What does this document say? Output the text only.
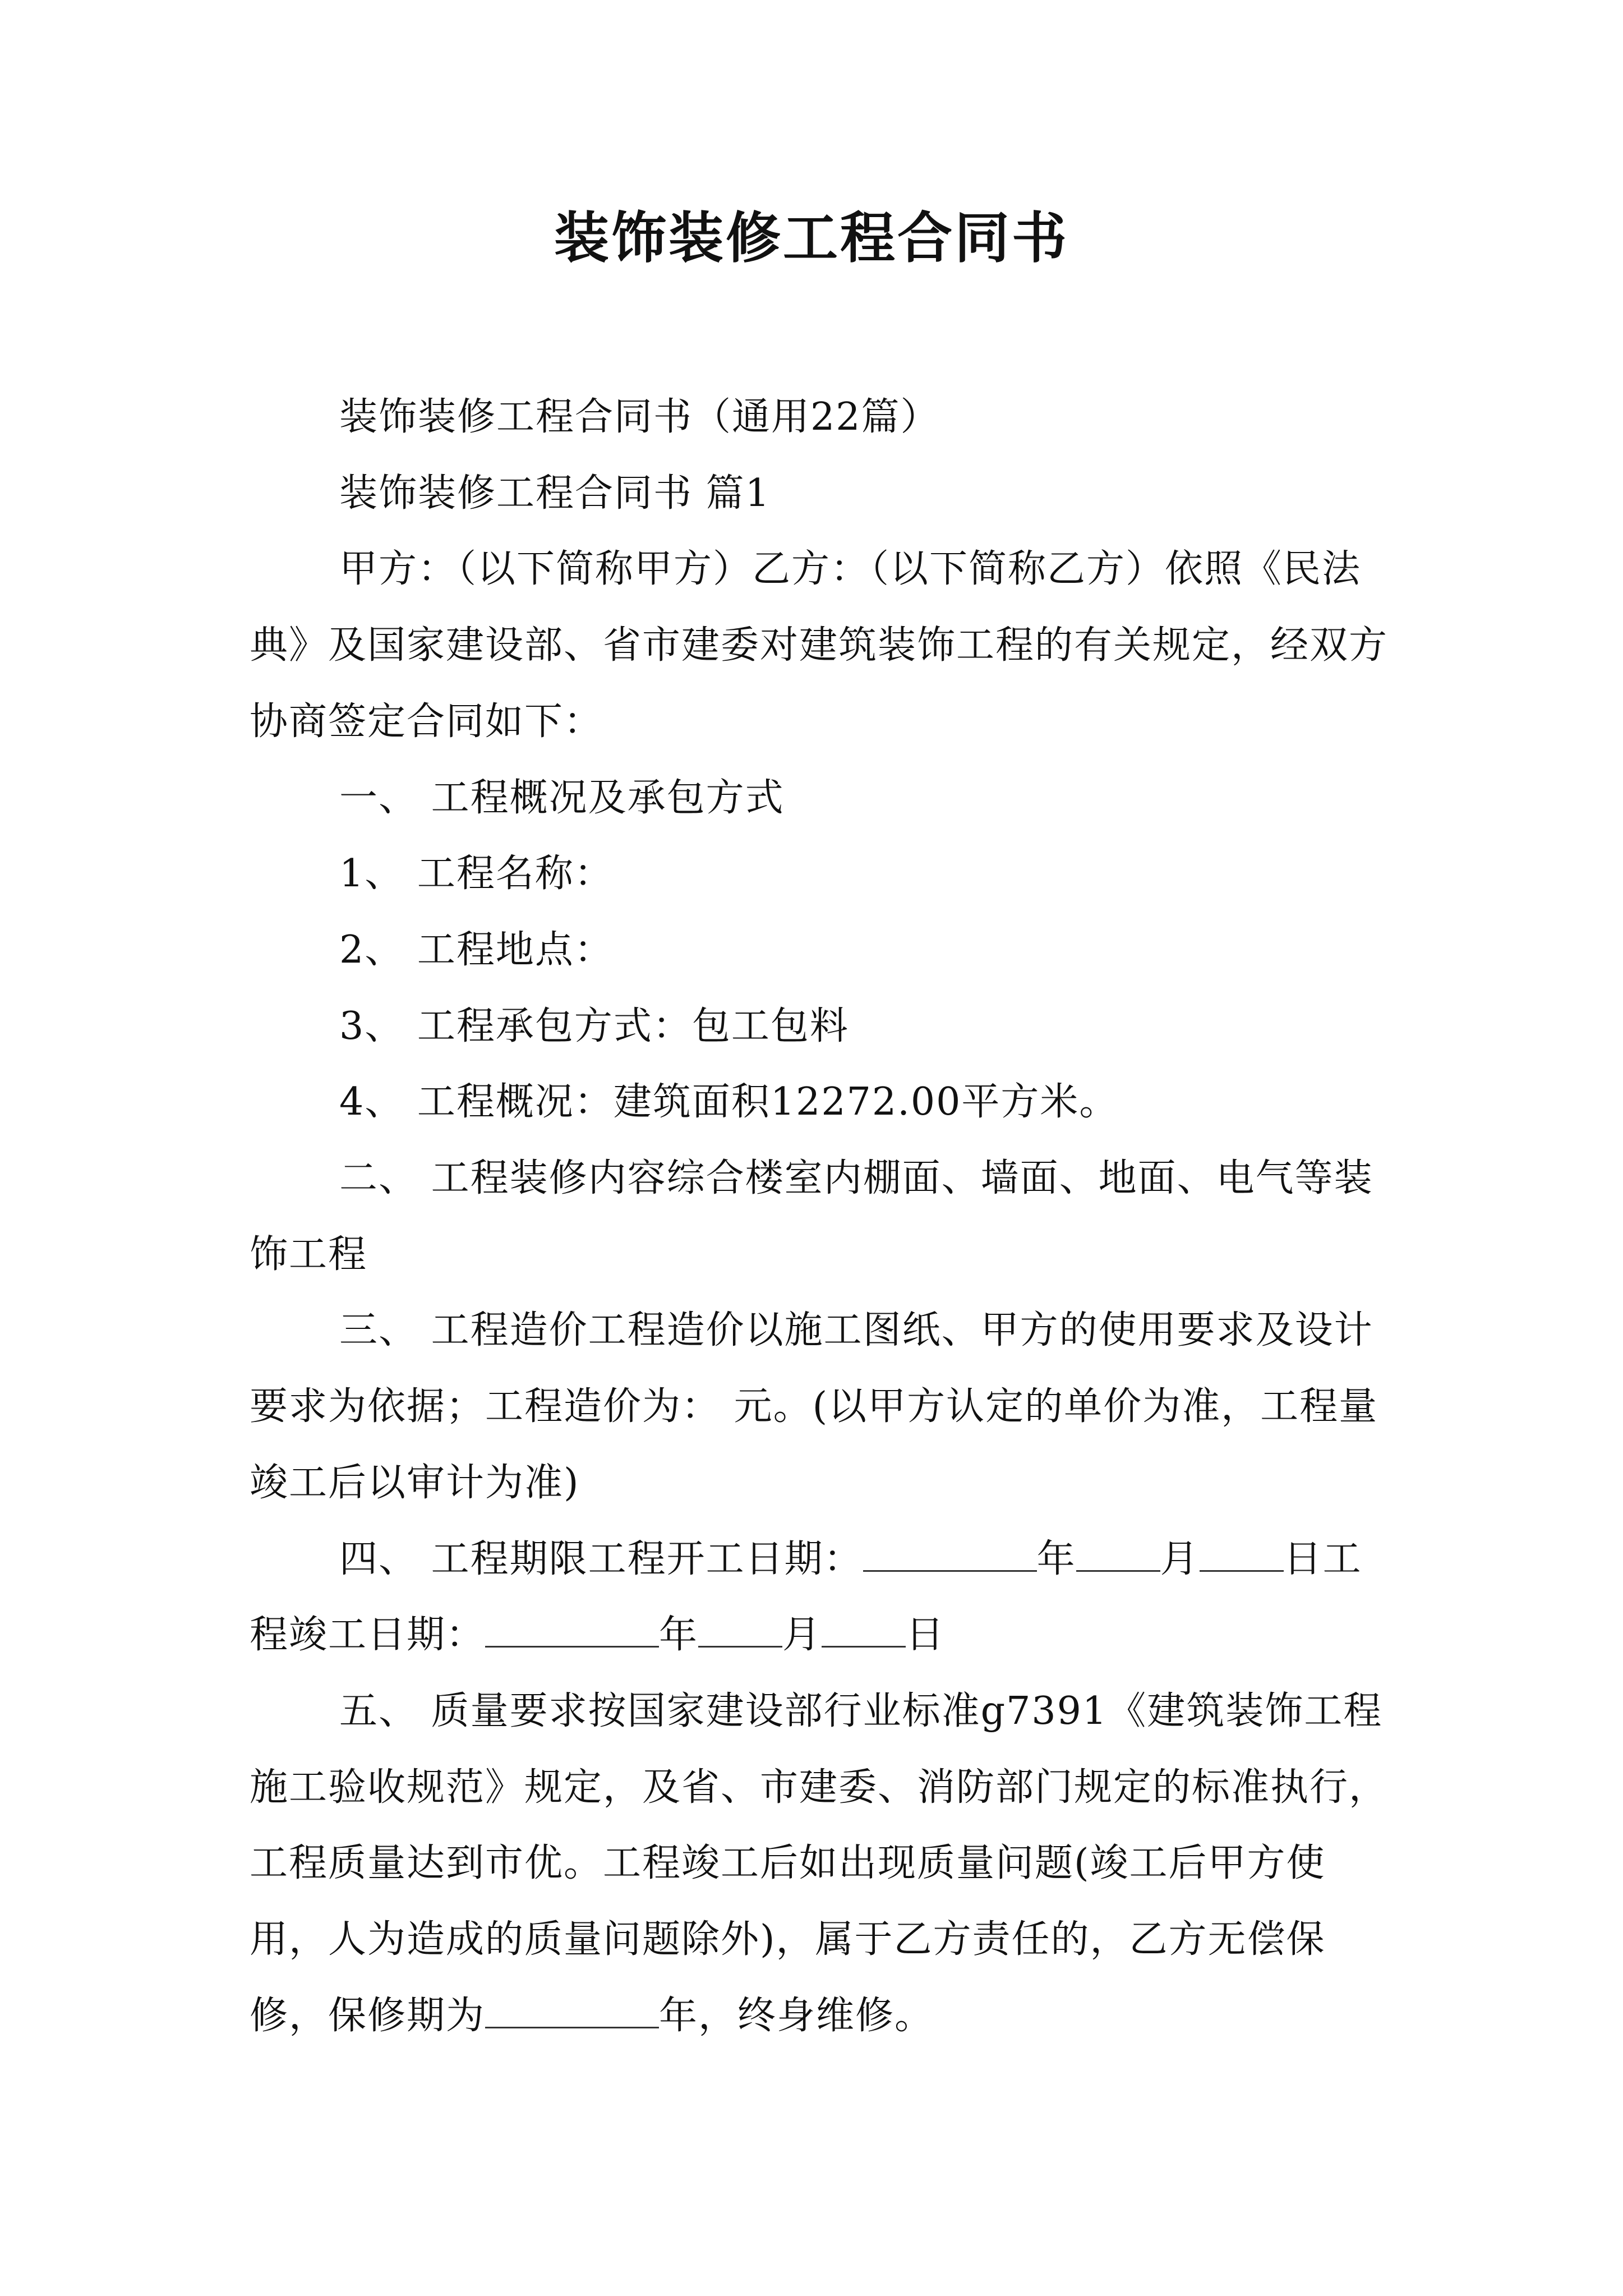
装饰装修工程合同书

装饰装修工程合同书（通用22篇）

装饰装修工程合同书 篇1

甲方：（以下简称甲方）乙方：（以下简称乙方）依照《民法典》及国家建设部、省市建委对建筑装饰工程的有关规定，经双方协商签定合同如下：

一、 工程概况及承包方式

1、 工程名称：

2、 工程地点：

3、 工程承包方式：包工包料

4、 工程概况：建筑面积12272.00平方米。

二、 工程装修内容综合楼室内棚面、墙面、地面、电气等装饰工程

三、 工程造价工程造价以施工图纸、甲方的使用要求及设计要求为依据；工程造价为： 元。(以甲方认定的单价为准，工程量竣工后以审计为准)

四、 工程期限工程开工日期：	年 月 日工程竣工日期：	年 月 日

五、 质量要求按国家建设部行业标准g7391《建筑装饰工程施工验收规范》规定，及省、市建委、消防部门规定的标准执行，工程质量达到市优。工程竣工后如出现质量问题(竣工后甲方使用，人为造成的质量问题除外)，属于乙方责任的，乙方无偿保修，保修期为	年，终身维修。
